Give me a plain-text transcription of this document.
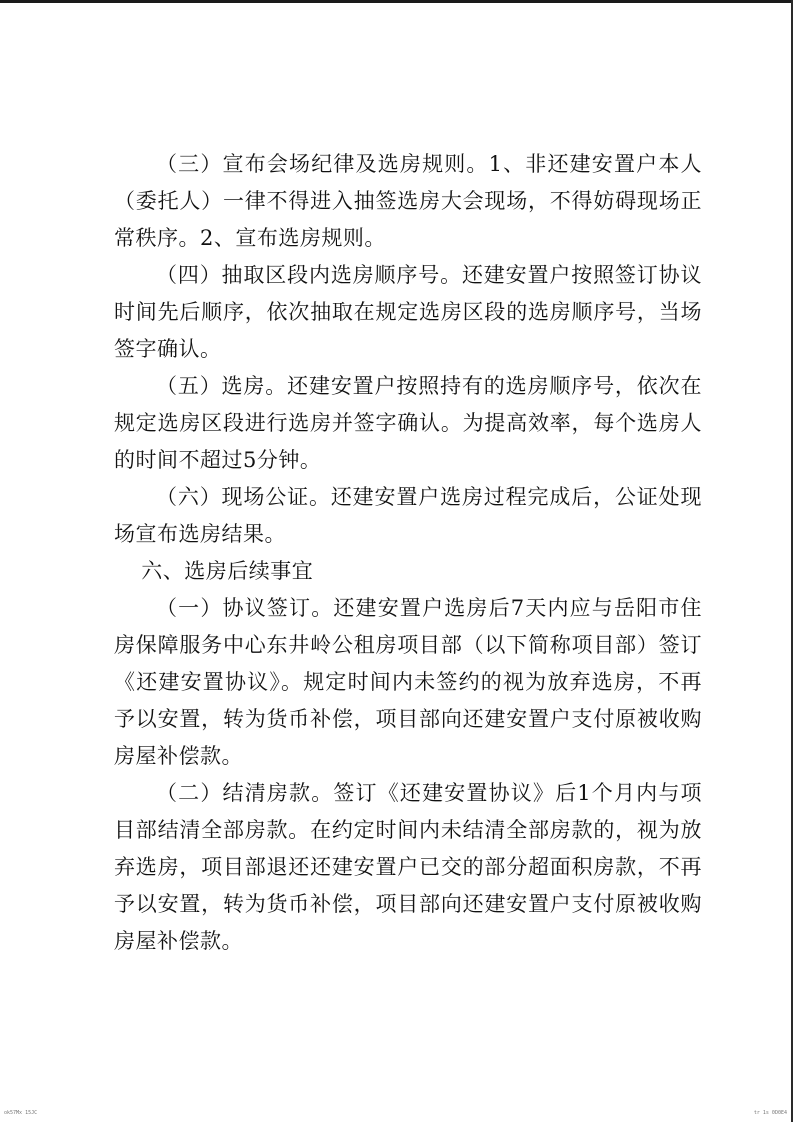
（三）宣布会场纪律及选房规则。1、非还建安置户本人（委托人）一律不得进入抽签选房大会现场，不得妨碍现场正常秩序。2、宣布选房规则。

（四）抽取区段内选房顺序号。还建安置户按照签订协议时间先后顺序，依次抽取在规定选房区段的选房顺序号，当场签字确认。

（五）选房。还建安置户按照持有的选房顺序号，依次在规定选房区段进行选房并签字确认。为提高效率，每个选房人的时间不超过5分钟。

（六）现场公证。还建安置户选房过程完成后，公证处现场宣布选房结果。

六、选房后续事宜

（一）协议签订。还建安置户选房后7天内应与岳阳市住房保障服务中心东井岭公租房项目部（以下简称项目部）签订《还建安置协议》。规定时间内未签约的视为放弃选房，不再予以安置，转为货币补偿，项目部向还建安置户支付原被收购房屋补偿款。

（二）结清房款。签订《还建安置协议》后1个月内与项目部结清全部房款。在约定时间内未结清全部房款的，视为放弃选房，项目部退还还建安置户已交的部分超面积房款，不再予以安置，转为货币补偿，项目部向还建安置户支付原被收购房屋补偿款。

ok57Mx 15JC	tr 1s 0D0E4
